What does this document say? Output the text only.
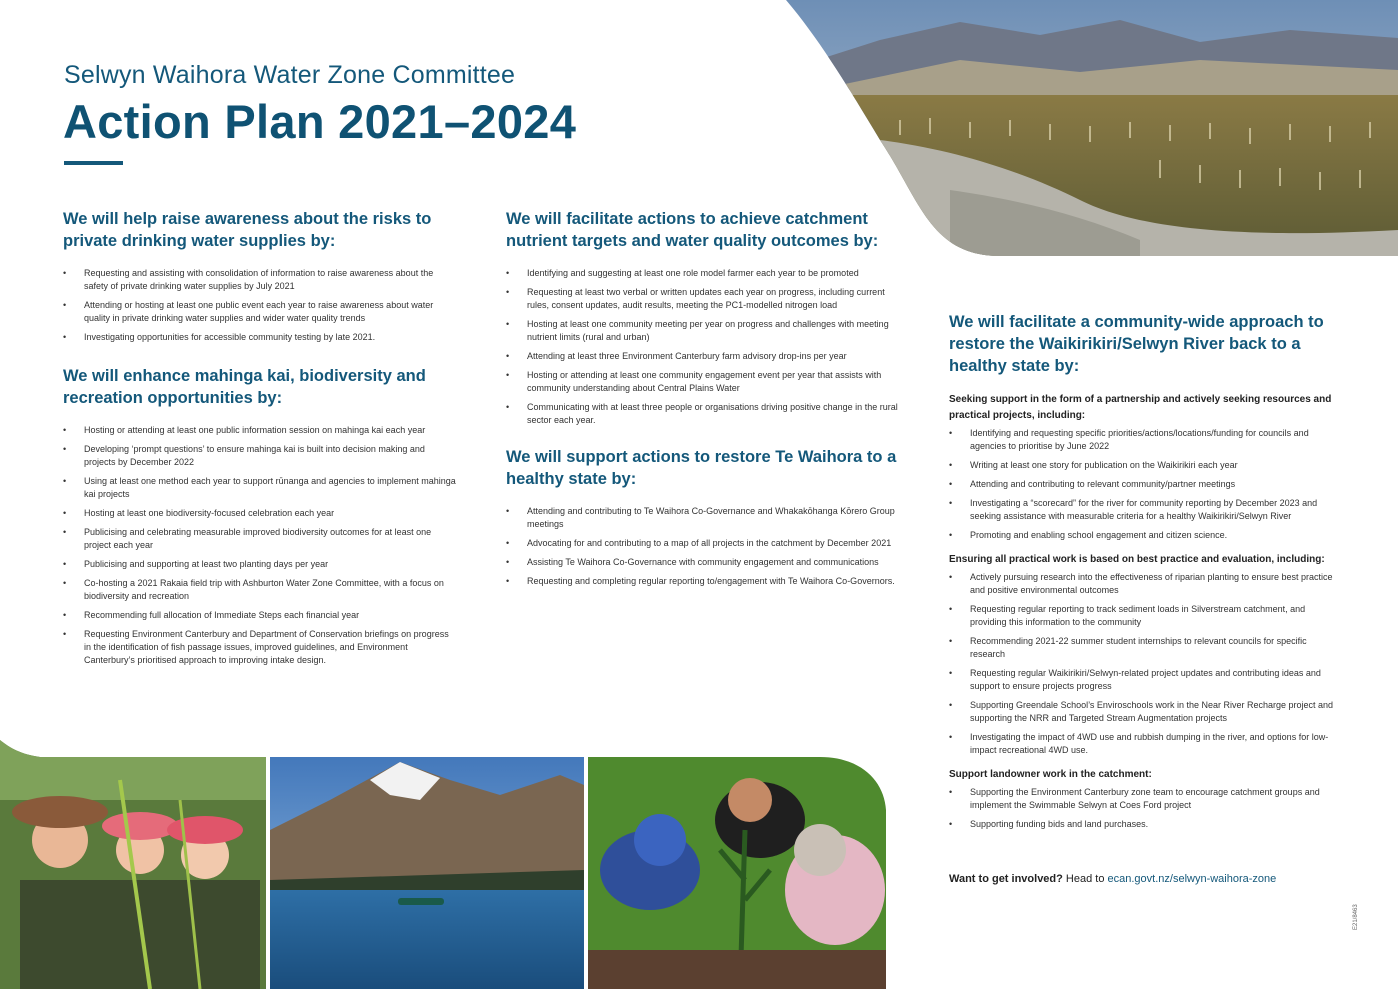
Selwyn Waihora Water Zone Committee
Action Plan 2021–2024
We will help raise awareness about the risks to private drinking water supplies by:
• Requesting and assisting with consolidation of information to raise awareness about the safety of private drinking water supplies by July 2021
• Attending or hosting at least one public event each year to raise awareness about water quality in private drinking water supplies and wider water quality trends
• Investigating opportunities for accessible community testing by late 2021.
We will enhance mahinga kai, biodiversity and recreation opportunities by:
• Hosting or attending at least one public information session on mahinga kai each year
• Developing ‘prompt questions’ to ensure mahinga kai is built into decision making and projects by December 2022
• Using at least one method each year to support rūnanga and agencies to implement mahinga kai projects
• Hosting at least one biodiversity-focused celebration each year
• Publicising and celebrating measurable improved biodiversity outcomes for at least one project each year
• Publicising and supporting at least two planting days per year
• Co-hosting a 2021 Rakaia field trip with Ashburton Water Zone Committee, with a focus on biodiversity and recreation
• Recommending full allocation of Immediate Steps each financial year
• Requesting Environment Canterbury and Department of Conservation briefings on progress in the identification of fish passage issues, improved guidelines, and Environment Canterbury’s prioritised approach to improving intake design.
We will facilitate actions to achieve catchment nutrient targets and water quality outcomes by:
• Identifying and suggesting at least one role model farmer each year to be promoted
• Requesting at least two verbal or written updates each year on progress, including current rules, consent updates, audit results, meeting the PC1-modelled nitrogen load
• Hosting at least one community meeting per year on progress and challenges with meeting nutrient limits (rural and urban)
• Attending at least three Environment Canterbury farm advisory drop-ins per year
• Hosting or attending at least one community engagement event per year that assists with community understanding about Central Plains Water
• Communicating with at least three people or organisations driving positive change in the rural sector each year.
We will support actions to restore Te Waihora to a healthy state by:
• Attending and contributing to Te Waihora Co-Governance and Whakakōhanga Kōrero Group meetings
• Advocating for and contributing to a map of all projects in the catchment by December 2021
• Assisting Te Waihora Co-Governance with community engagement and communications
• Requesting and completing regular reporting to/engagement with Te Waihora Co-Governors.
We will facilitate a community-wide approach to restore the Waikirikiri/Selwyn River back to a healthy state by:
Seeking support in the form of a partnership and actively seeking resources and practical projects, including:
• Identifying and requesting specific priorities/actions/locations/funding for councils and agencies to prioritise by June 2022
• Writing at least one story for publication on the Waikirikiri each year
• Attending and contributing to relevant community/partner meetings
• Investigating a “scorecard” for the river for community reporting by December 2023 and seeking assistance with measurable criteria for a healthy Waikirikiri/Selwyn River
• Promoting and enabling school engagement and citizen science.
Ensuring all practical work is based on best practice and evaluation, including:
• Actively pursuing research into the effectiveness of riparian planting to ensure best practice and positive environmental outcomes
• Requesting regular reporting to track sediment loads in Silverstream catchment, and providing this information to the community
• Recommending 2021-22 summer student internships to relevant councils for specific research
• Requesting regular Waikirikiri/Selwyn-related project updates and contributing ideas and support to ensure projects progress
• Supporting Greendale School’s Enviroschools work in the Near River Recharge project and supporting the NRR and Targeted Stream Augmentation projects
• Investigating the impact of 4WD use and rubbish dumping in the river, and options for low-impact recreational 4WD use.
Support landowner work in the catchment:
• Supporting the Environment Canterbury zone team to encourage catchment groups and implement the Swimmable Selwyn at Coes Ford project
• Supporting funding bids and land purchases.
Want to get involved? Head to ecan.govt.nz/selwyn-waihora-zone
E21/8463
